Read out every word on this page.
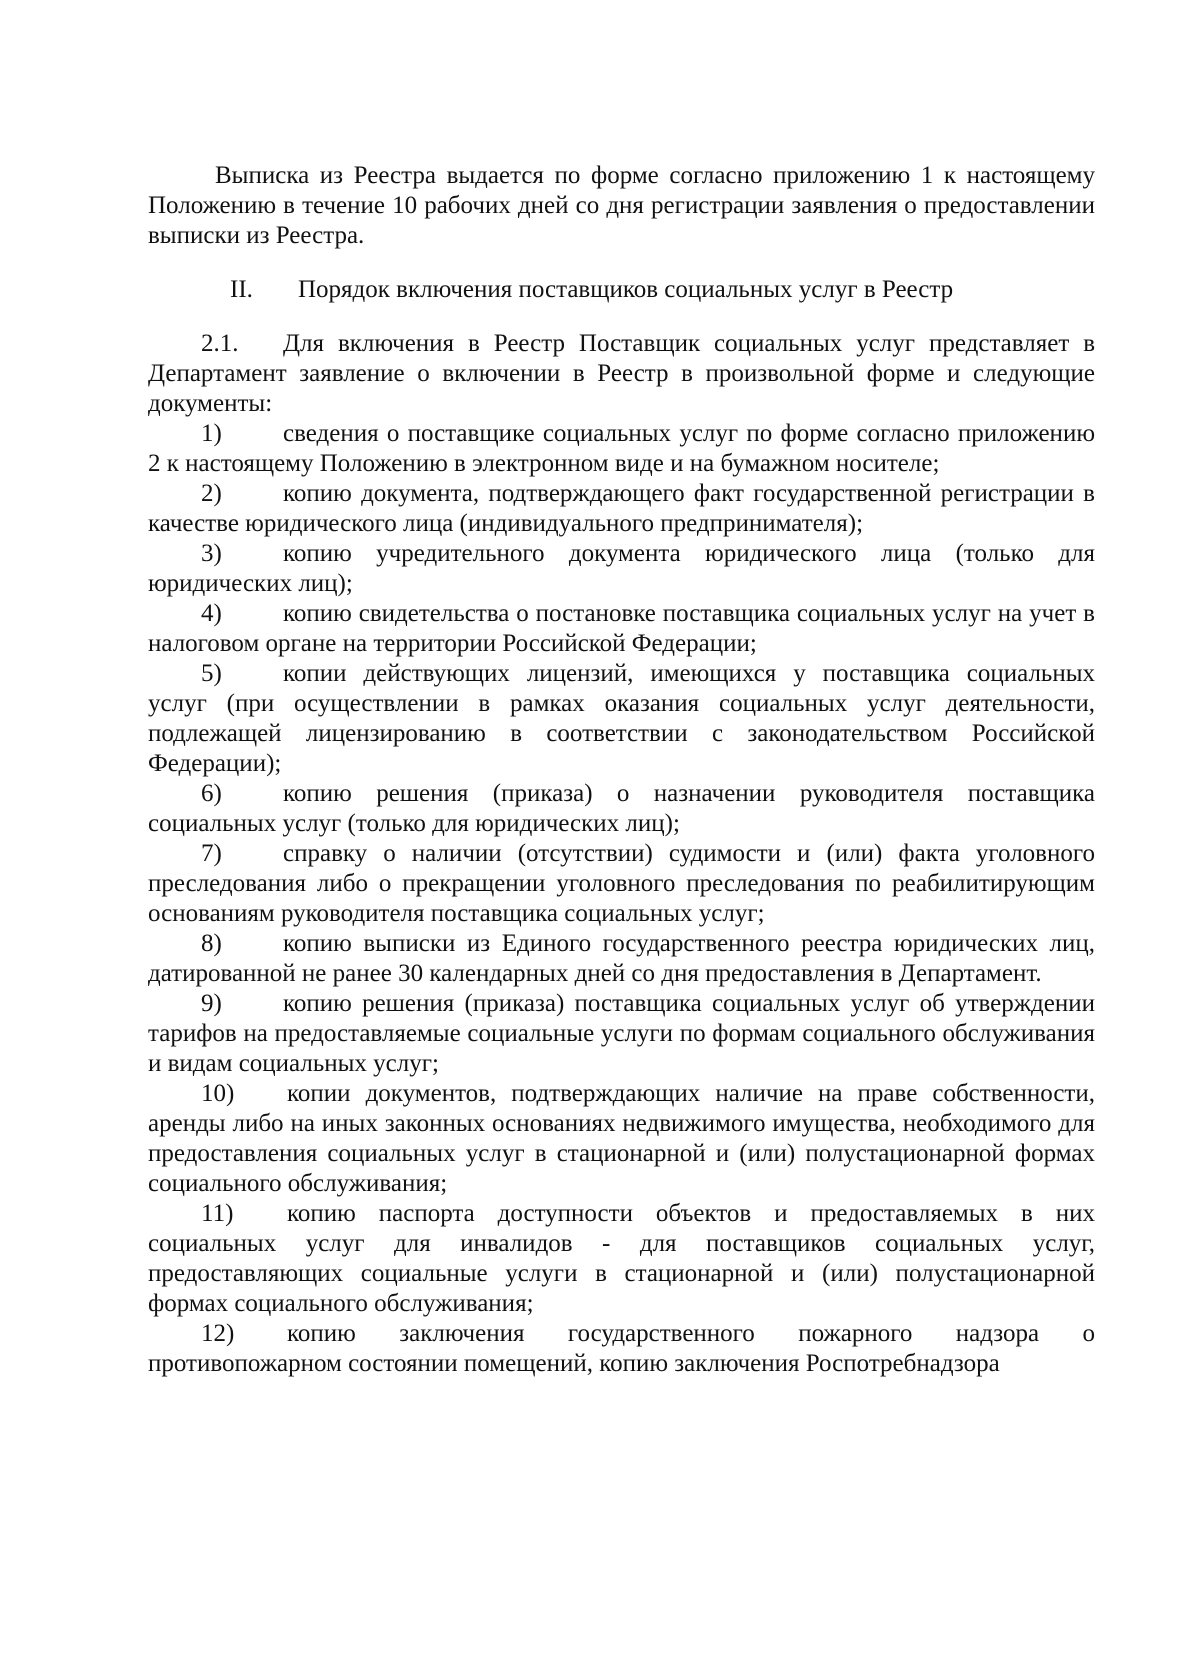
Выписка из Реестра выдается по форме согласно приложению 1 к настоящему Положению в течение 10 рабочих дней со дня регистрации заявления о предоставлении выписки из Реестра.

II. Порядок включения поставщиков социальных услуг в Реестр

2.1. Для включения в Реестр Поставщик социальных услуг представляет в Департамент заявление о включении в Реестр в произвольной форме и следующие документы:

1) сведения о поставщике социальных услуг по форме согласно приложению 2 к настоящему Положению в электронном виде и на бумажном носителе;

2) копию документа, подтверждающего факт государственной регистрации в качестве юридического лица (индивидуального предпринимателя);

3) копию учредительного документа юридического лица (только для юридических лиц);

4) копию свидетельства о постановке поставщика социальных услуг на учет в налоговом органе на территории Российской Федерации;

5) копии действующих лицензий, имеющихся у поставщика социальных услуг (при осуществлении в рамках оказания социальных услуг деятельности, подлежащей лицензированию в соответствии с законодательством Российской Федерации);

6) копию решения (приказа) о назначении руководителя поставщика социальных услуг (только для юридических лиц);

7) справку о наличии (отсутствии) судимости и (или) факта уголовного преследования либо о прекращении уголовного преследования по реабилитирующим основаниям руководителя поставщика социальных услуг;

8) копию выписки из Единого государственного реестра юридических лиц, датированной не ранее 30 календарных дней со дня предоставления в Департамент.

9) копию решения (приказа) поставщика социальных услуг об утверждении тарифов на предоставляемые социальные услуги по формам социального обслуживания и видам социальных услуг;

10) копии документов, подтверждающих наличие на праве собственности, аренды либо на иных законных основаниях недвижимого имущества, необходимого для предоставления социальных услуг в стационарной и (или) полустационарной формах социального обслуживания;

11) копию паспорта доступности объектов и предоставляемых в них социальных услуг для инвалидов - для поставщиков социальных услуг, предоставляющих социальные услуги в стационарной и (или) полустационарной формах социального обслуживания;

12) копию заключения государственного пожарного надзора о противопожарном состоянии помещений, копию заключения Роспотребнадзора
